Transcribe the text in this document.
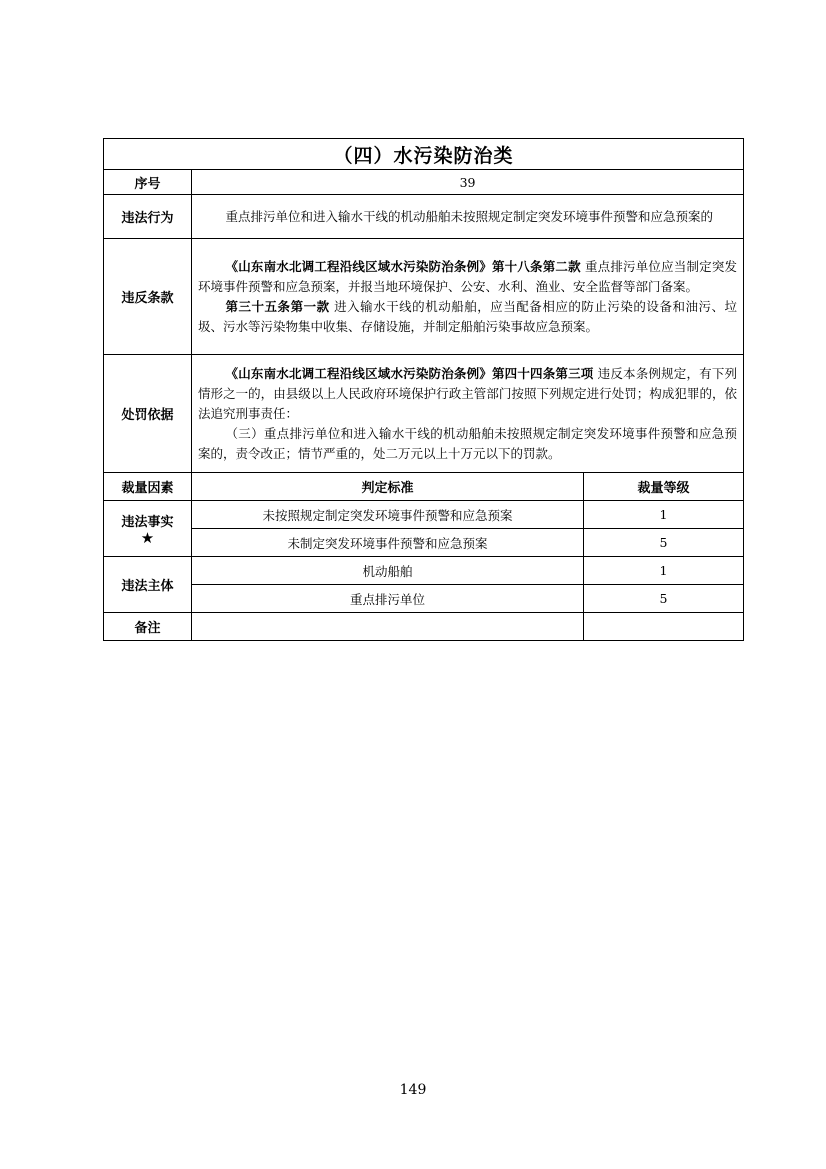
（四）水污染防治类		
序号	39	
违法行为	重点排污单位和进入输水干线的机动船舶未按照规定制定突发环境事件预警和应急预案的	

违反条款	《山东南水北调工程沿线区域水污染防治条例》第十八条第二款 重点排污单位应当制定突发环境事件预警和应急预案，并报当地环境保护、公安、水利、渔业、安全监督等部门备案。

第三十五条第一款 进入输水干线的机动船舶，应当配备相应的防止污染的设备和油污、垃圾、污水等污染物集中收集、存储设施，并制定船舶污染事故应急预案。	

处罚依据	《山东南水北调工程沿线区域水污染防治条例》第四十四条第三项 违反本条例规定，有下列情形之一的，由县级以上人民政府环境保护行政主管部门按照下列规定进行处罚；构成犯罪的，依法追究刑事责任：

（三）重点排污单位和进入输水干线的机动船舶未按照规定制定突发环境事件预警和应急预案的，责令改正；情节严重的，处二万元以上十万元以下的罚款。	

裁量因素	判定标准	裁量等级
违法事实
★	未按照规定制定突发环境事件预警和应急预案	1
	未制定突发环境事件预警和应急预案	5
违法主体	机动船舶	1
	重点排污单位	5
备注		
149
